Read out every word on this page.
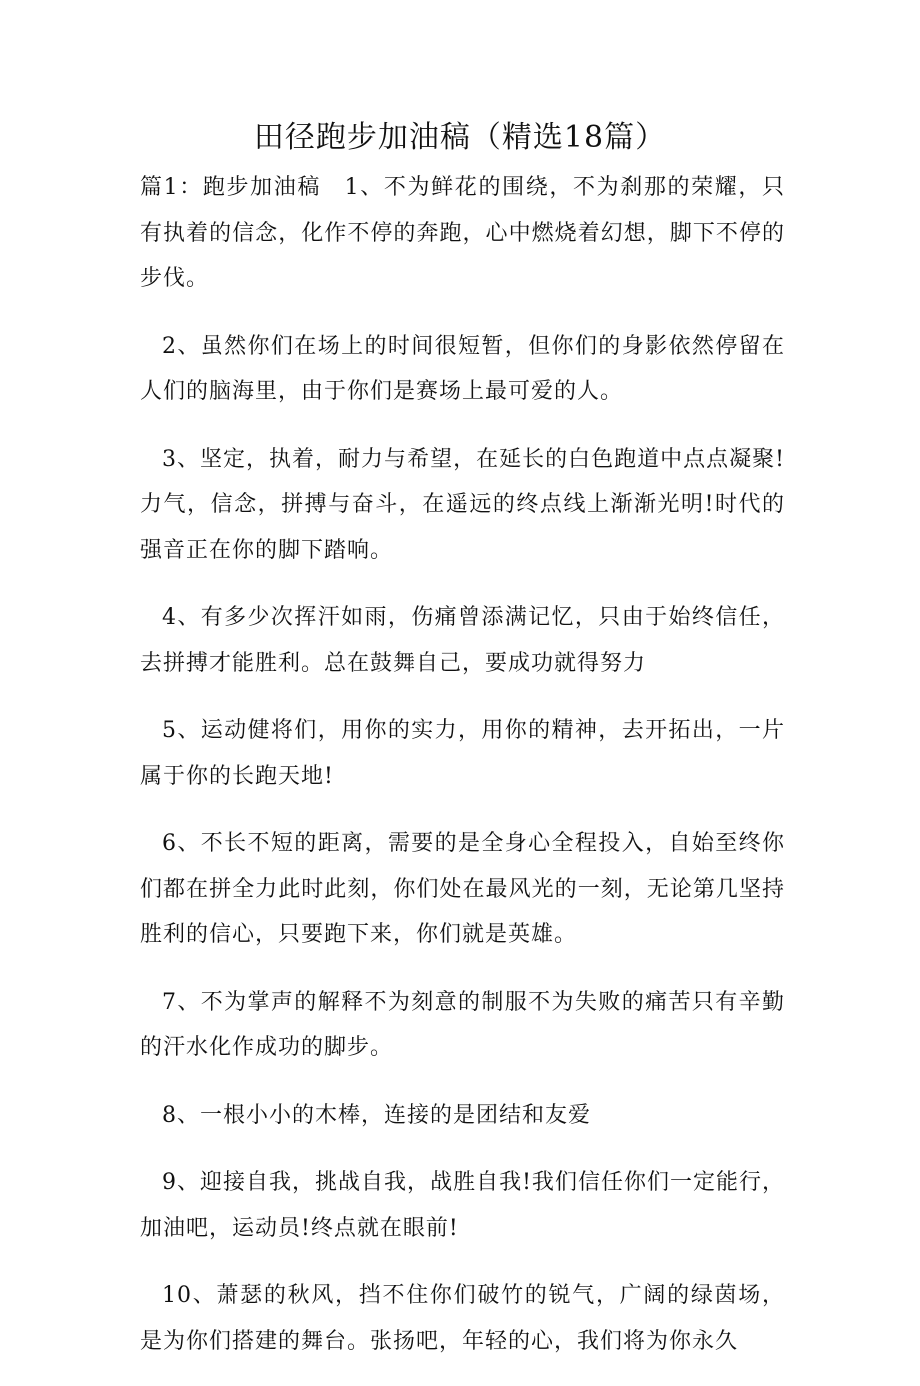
田径跑步加油稿（精选18篇）

篇1：跑步加油稿　1、不为鲜花的围绕，不为刹那的荣耀，只有执着的信念，化作不停的奔跑，心中燃烧着幻想，脚下不停的步伐。

2、虽然你们在场上的时间很短暂，但你们的身影依然停留在人们的脑海里，由于你们是赛场上最可爱的人。

3、坚定，执着，耐力与希望，在延长的白色跑道中点点凝聚!力气，信念，拼搏与奋斗，在遥远的终点线上渐渐光明!时代的强音正在你的脚下踏响。

4、有多少次挥汗如雨，伤痛曾添满记忆，只由于始终信任，去拼搏才能胜利。总在鼓舞自己，要成功就得努力

5、运动健将们，用你的实力，用你的精神，去开拓出，一片属于你的长跑天地!

6、不长不短的距离，需要的是全身心全程投入，自始至终你们都在拼全力此时此刻，你们处在最风光的一刻，无论第几坚持胜利的信心，只要跑下来，你们就是英雄。

7、不为掌声的解释不为刻意的制服不为失败的痛苦只有辛勤的汗水化作成功的脚步。

8、一根小小的木棒，连接的是团结和友爱

9、迎接自我，挑战自我，战胜自我!我们信任你们一定能行，加油吧，运动员!终点就在眼前!

10、萧瑟的秋风，挡不住你们破竹的锐气，广阔的绿茵场，是为你们搭建的舞台。张扬吧，年轻的心，我们将为你永久
